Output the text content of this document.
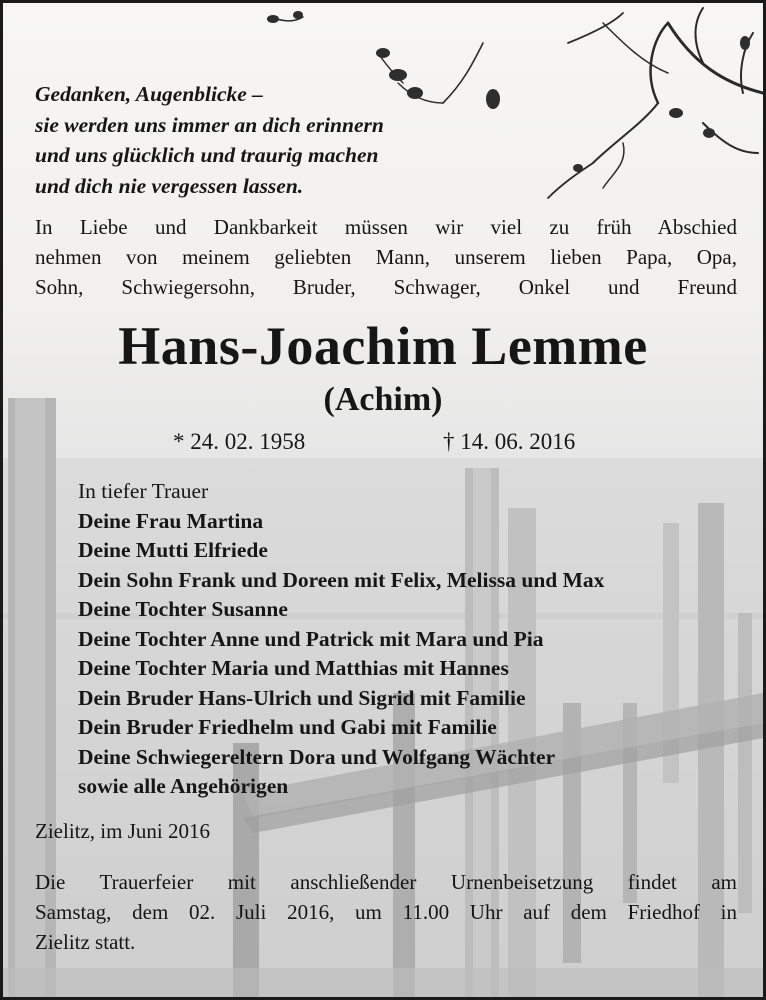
Gedanken, Augenblicke –
sie werden uns immer an dich erinnern
und uns glücklich und traurig machen
und dich nie vergessen lassen.
In Liebe und Dankbarkeit müssen wir viel zu früh Abschied
nehmen von meinem geliebten Mann, unserem lieben Papa, Opa,
Sohn, Schwiegersohn, Bruder, Schwager, Onkel und Freund
Hans-Joachim Lemme
(Achim)
* 24. 02. 1958	† 14. 06. 2016
In tiefer Trauer
Deine Frau Martina
Deine Mutti Elfriede
Dein Sohn Frank und Doreen mit Felix, Melissa und Max
Deine Tochter Susanne
Deine Tochter Anne und Patrick mit Mara und Pia
Deine Tochter Maria und Matthias mit Hannes
Dein Bruder Hans-Ulrich und Sigrid mit Familie
Dein Bruder Friedhelm und Gabi mit Familie
Deine Schwiegereltern Dora und Wolfgang Wächter
sowie alle Angehörigen
Zielitz, im Juni 2016
Die Trauerfeier mit anschließender Urnenbeisetzung findet am
Samstag, dem 02. Juli 2016, um 11.00 Uhr auf dem Friedhof in
Zielitz statt.
